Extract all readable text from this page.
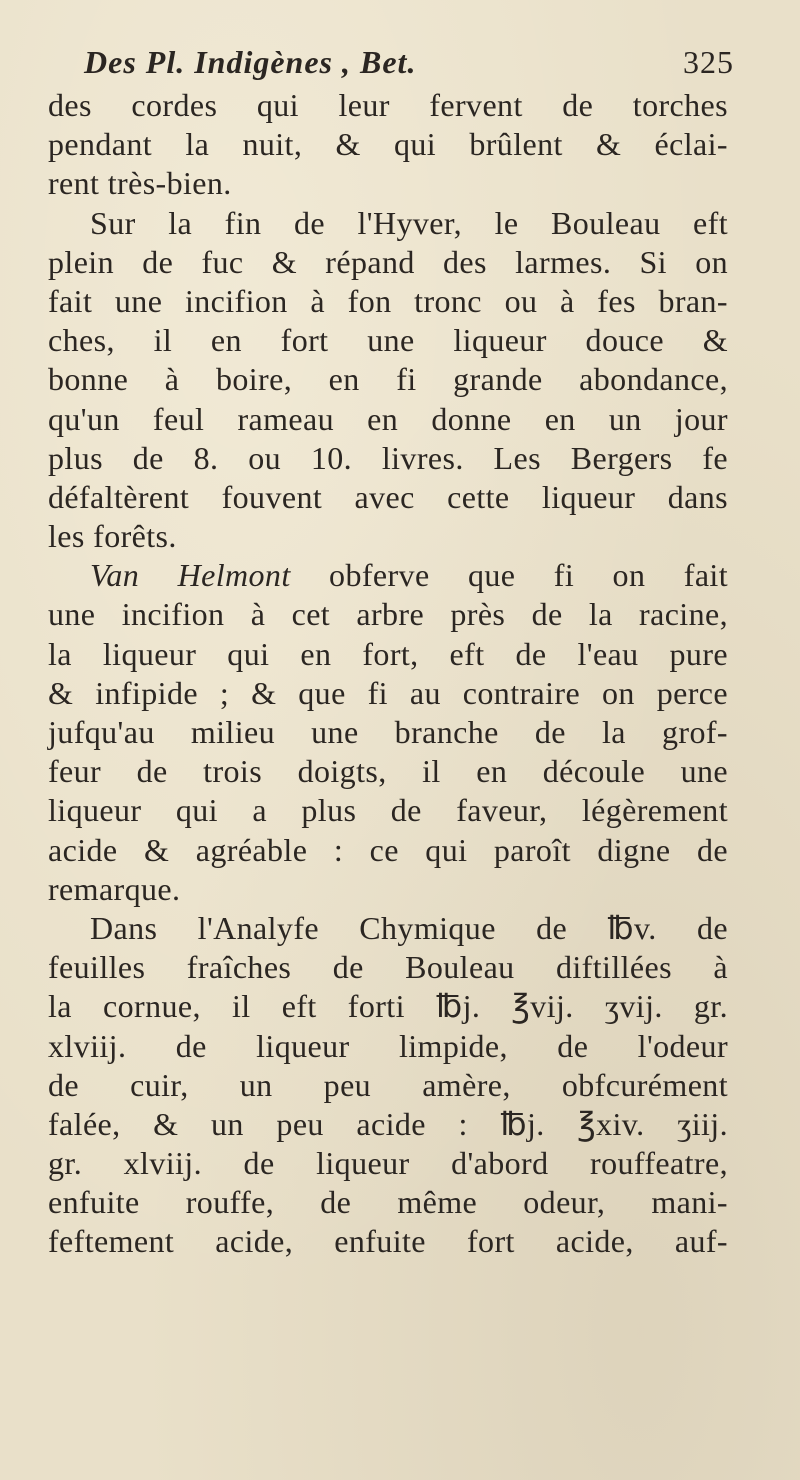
Des Pl. Indigènes , Bet.	325
des cordes qui leur fervent de torches
pendant la nuit, & qui brûlent & éclai-
rent très-bien.
Sur la fin de l'Hyver, le Bouleau eft
plein de fuc & répand des larmes. Si on
fait une incifion à fon tronc ou à fes bran-
ches, il en fort une liqueur douce &
bonne à boire, en fi grande abondance,
qu'un feul rameau en donne en un jour
plus de 8. ou 10. livres. Les Bergers fe
défaltèrent fouvent avec cette liqueur dans
les forêts.
Van Helmont obferve que fi on fait
une incifion à cet arbre près de la racine,
la liqueur qui en fort, eft de l'eau pure
& infipide ; & que fi au contraire on perce
jufqu'au milieu une branche de la grof-
feur de trois doigts, il en découle une
liqueur qui a plus de faveur, légèrement
acide & agréable : ce qui paroît digne de
remarque.
Dans l'Analyfe Chymique de ℔v. de
feuilles fraîches de Bouleau diftillées à
la cornue, il eft forti ℔j. ℥vij. ʒvij. gr.
xlviij. de liqueur limpide, de l'odeur
de cuir, un peu amère, obfcurément
falée, & un peu acide : ℔j. ℥xiv. ʒiij.
gr. xlviij. de liqueur d'abord rouffeatre,
enfuite rouffe, de même odeur, mani-
feftement acide, enfuite fort acide, auf-
